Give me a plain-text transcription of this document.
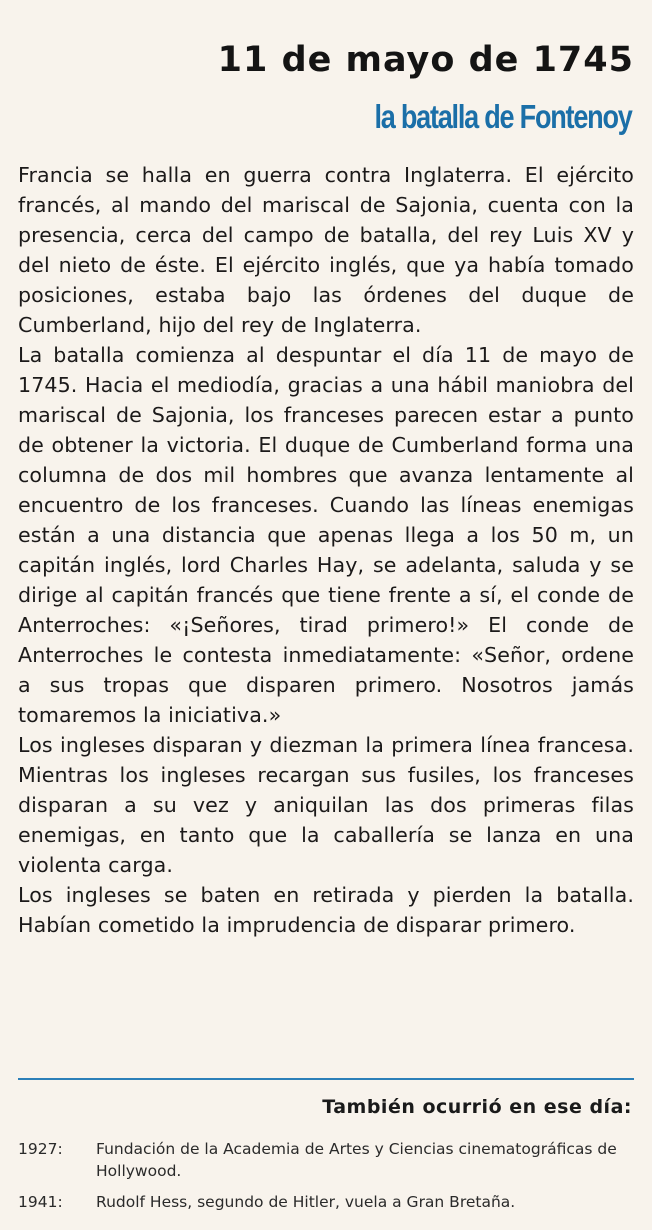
11 de mayo de 1745
la batalla de Fontenoy

Francia se halla en guerra contra Inglaterra. El ejército francés, al mando del mariscal de Sajonia, cuenta con la presencia, cerca del campo de batalla, del rey Luis XV y del nieto de éste. El ejército inglés, que ya había tomado posiciones, estaba bajo las órdenes del duque de Cumberland, hijo del rey de Inglaterra.

La batalla comienza al despuntar el día 11 de mayo de 1745. Hacia el mediodía, gracias a una hábil maniobra del mariscal de Sajonia, los franceses parecen estar a punto de obtener la victoria. El duque de Cumberland forma una columna de dos mil hombres que avanza lentamente al encuentro de los franceses. Cuando las líneas enemigas están a una distancia que apenas llega a los 50 m, un capitán inglés, lord Charles Hay, se adelanta, saluda y se dirige al capitán francés que tiene frente a sí, el conde de Anterroches: «¡Señores, tirad primero!» El conde de Anterroches le contesta inmediatamente: «Señor, ordene a sus tropas que disparen primero. Nosotros jamás tomaremos la iniciativa.»

Los ingleses disparan y diezman la primera línea francesa. Mientras los ingleses recargan sus fusiles, los franceses disparan a su vez y aniquilan las dos primeras filas enemigas, en tanto que la caballería se lanza en una violenta carga.

Los ingleses se baten en retirada y pierden la batalla. Habían cometido la imprudencia de disparar primero.

También ocurrió en ese día:
1927:	Fundación de la Academia de Artes y Ciencias cinematográficas de Hollywood.
1941:	Rudolf Hess, segundo de Hitler, vuela a Gran Bretaña.
